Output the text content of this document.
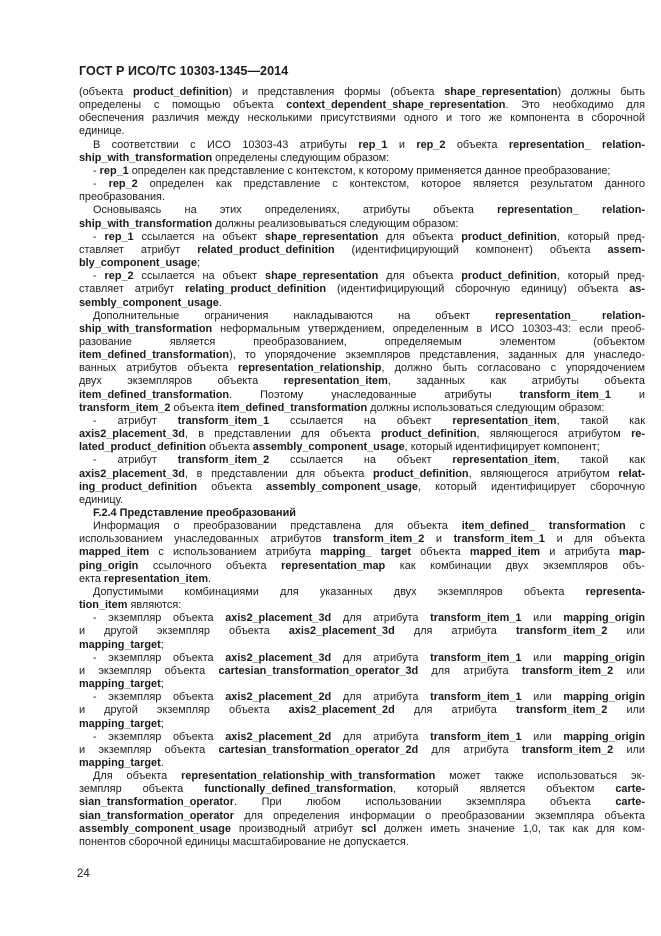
ГОСТ Р ИСО/ТС 10303-1345—2014
(объекта product_definition) и представления формы (объекта shape_representation) должны быть
определены с помощью объекта context_dependent_shape_representation. Это необходимо для
обеспечения различия между несколькими присутствиями одного и того же компонента в сборочной
единице.
В соответствии с ИСО 10303-43 атрибуты rep_1 и rep_2 объекта representation_ relation-
ship_with_transformation определены следующим образом:
- rep_1 определен как представление с контекстом, к которому применяется данное преобразование;
- rep_2 определен как представление с контекстом, которое является результатом данного
преобразования.
Основываясь на этих определениях, атрибуты объекта representation_ relation-
ship_with_transformation должны реализовываться следующим образом:
- rep_1 ссылается на объект shape_representation для объекта product_definition, который пред-
ставляет атрибут related_product_definition (идентифицирующий компонент) объекта assem-
bly_component_usage;
- rep_2 ссылается на объект shape_representation для объекта product_definition, который пред-
ставляет атрибут relating_product_definition (идентифицирующий сборочную единицу) объекта as-
sembly_component_usage.
Дополнительные ограничения накладываются на объект representation_ relation-
ship_with_transformation неформальным утверждением, определенным в ИСО 10303-43: если преоб-
разование является преобразованием, определяемым элементом (объектом
item_defined_transformation), то упорядочение экземпляров представления, заданных для унаследо-
ванных атрибутов объекта representation_relationship, должно быть согласовано с упорядочением
двух экземпляров объекта representation_item, заданных как атрибуты объекта
item_defined_transformation. Поэтому унаследованные атрибуты transform_item_1 и
transform_item_2 объекта item_defined_transformation должны использоваться следующим образом:
- атрибут transform_item_1 ссылается на объект representation_item, такой как
axis2_placement_3d, в представлении для объекта product_definition, являющегося атрибутом re-
lated_product_definition объекта assembly_component_usage, который идентифицирует компонент;
- атрибут transform_item_2 ссылается на объект representation_item, такой как
axis2_placement_3d, в представлении для объекта product_definition, являющегося атрибутом relat-
ing_product_definition объекта assembly_component_usage, который идентифицирует сборочную
единицу.
F.2.4 Представление преобразований
Информация о преобразовании представлена для объекта item_defined_ transformation с
использованием унаследованных атрибутов transform_item_2 и transform_item_1 и для объекта
mapped_item с использованием атрибута mapping_ target объекта mapped_item и атрибута map-
ping_origin ссылочного объекта representation_map как комбинации двух экземпляров объ-
екта representation_item.
Допустимыми комбинациями для указанных двух экземпляров объекта representa-
tion_item являются:
- экземпляр объекта axis2_placement_3d для атрибута transform_item_1 или mapping_origin
и другой экземпляр объекта axis2_placement_3d для атрибута transform_item_2 или
mapping_target;
- экземпляр объекта axis2_placement_3d для атрибута transform_item_1 или mapping_origin
и экземпляр объекта cartesian_transformation_operator_3d для атрибута transform_item_2 или
mapping_target;
- экземпляр объекта axis2_placement_2d для атрибута transform_item_1 или mapping_origin
и другой экземпляр объекта axis2_placement_2d для атрибута transform_item_2 или
mapping_target;
- экземпляр объекта axis2_placement_2d для атрибута transform_item_1 или mapping_origin
и экземпляр объекта cartesian_transformation_operator_2d для атрибута transform_item_2 или
mapping_target.
Для объекта representation_relationship_with_transformation может также использоваться эк-
земпляр объекта functionally_defined_transformation, который является объектом carte-
sian_transformation_operator. При любом использовании экземпляра объекта carte-
sian_transformation_operator для определения информации о преобразовании экземпляра объекта
assembly_component_usage производный атрибут scl должен иметь значение 1,0, так как для ком-
понентов сборочной единицы масштабирование не допускается.
24
